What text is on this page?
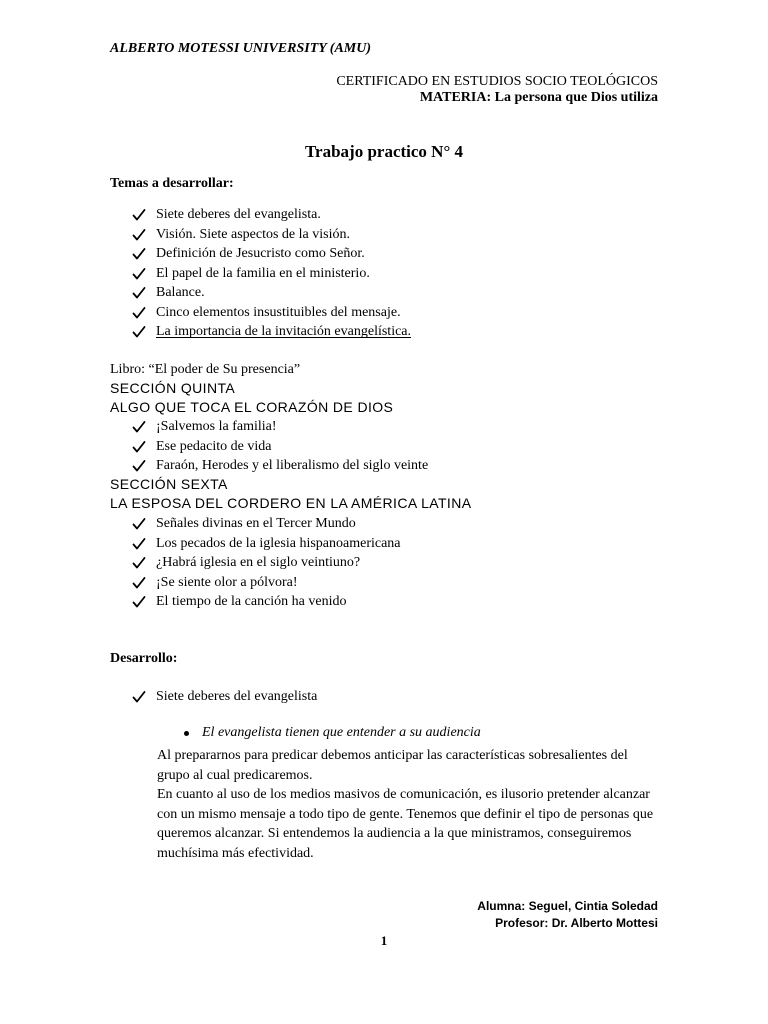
ALBERTO MOTESSI UNIVERSITY (AMU)
CERTIFICADO EN ESTUDIOS SOCIO TEOLÓGICOS
MATERIA: La persona que Dios utiliza
Trabajo practico N° 4
Temas a desarrollar:
Siete deberes del evangelista.
Visión. Siete aspectos de la visión.
Definición de Jesucristo como Señor.
El papel de la familia en el ministerio.
Balance.
Cinco elementos insustituibles del mensaje.
La importancia de la invitación evangelística.
Libro: “El poder de Su presencia”
SECCIÓN QUINTA
ALGO QUE TOCA EL CORAZÓN DE DIOS
¡Salvemos la familia!
Ese pedacito de vida
Faraón, Herodes y el liberalismo del siglo veinte
SECCIÓN SEXTA
LA ESPOSA DEL CORDERO EN LA AMÉRICA LATINA
Señales divinas en el Tercer Mundo
Los pecados de la iglesia hispanoamericana
¿Habrá iglesia en el siglo veintiuno?
¡Se siente olor a pólvora!
El tiempo de la canción ha venido
Desarrollo:
Siete deberes del evangelista
El evangelista tienen que entender a su audiencia

Al prepararnos para predicar debemos anticipar las características sobresalientes del grupo al cual predicaremos.

En cuanto al uso de los medios masivos de comunicación, es ilusorio pretender alcanzar con un mismo mensaje a todo tipo de gente. Tenemos que definir el tipo de personas que queremos alcanzar. Si entendemos la audiencia a la que ministramos, conseguiremos muchísima más efectividad.

Alumna: Seguel, Cintia Soledad
Profesor: Dr. Alberto Mottesi
1
